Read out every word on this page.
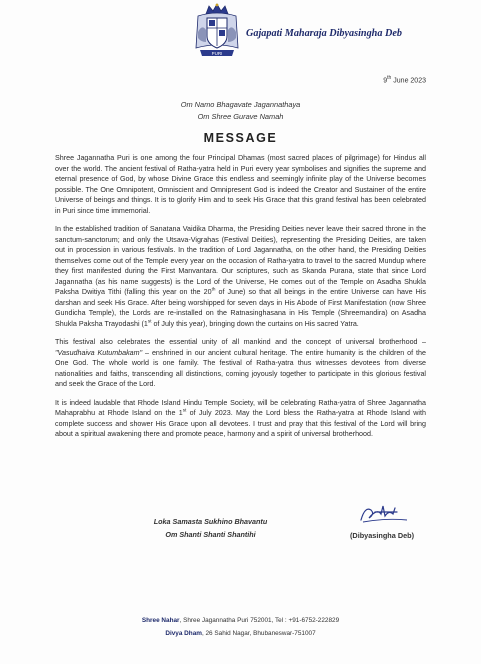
PURI
Gajapati Maharaja Dibyasingha Deb
9th June 2023
Om Namo Bhagavate Jagannathaya
Om Shree Gurave Namah
MESSAGE

Shree Jagannatha Puri is one among the four Principal Dhamas (most sacred places of pilgrimage) for Hindus all over the world. The ancient festival of Ratha-yatra held in Puri every year symbolises and signifies the supreme and eternal presence of God, by whose Divine Grace this endless and seemingly infinite play of the Universe becomes possible. The One Omnipotent, Omniscient and Omnipresent God is indeed the Creator and Sustainer of the entire Universe of beings and things. It is to glorify Him and to seek His Grace that this grand festival has been celebrated in Puri since time immemorial.

In the established tradition of Sanatana Vaidika Dharma, the Presiding Deities never leave their sacred throne in the sanctum-sanctorum; and only the Utsava-Vigrahas (Festival Deities), representing the Presiding Deities, are taken out in procession in various festivals. In the tradition of Lord Jagannatha, on the other hand, the Presiding Deities themselves come out of the Temple every year on the occasion of Ratha-yatra to travel to the sacred Mundup where they first manifested during the First Manvantara. Our scriptures, such as Skanda Purana, state that since Lord Jagannatha (as his name suggests) is the Lord of the Universe, He comes out of the Temple on Asadha Shukla Paksha Dwitiya Tithi (falling this year on the 20th of June) so that all beings in the entire Universe can have His darshan and seek His Grace. After being worshipped for seven days in His Abode of First Manifestation (now Shree Gundicha Temple), the Lords are re-installed on the Ratnasinghasana in His Temple (Shreemandira) on Asadha Shukla Paksha Trayodashi (1st of July this year), bringing down the curtains on His sacred Yatra.

This festival also celebrates the essential unity of all mankind and the concept of universal brotherhood – "Vasudhaiva Kutumbakam" – enshrined in our ancient cultural heritage. The entire humanity is the children of the One God. The whole world is one family. The festival of Ratha-yatra thus witnesses devotees from diverse nationalities and faiths, transcending all distinctions, coming joyously together to participate in this glorious festival and seek the Grace of the Lord.

It is indeed laudable that Rhode Island Hindu Temple Society, will be celebrating Ratha-yatra of Shree Jagannatha Mahaprabhu at Rhode Island on the 1st of July 2023. May the Lord bless the Ratha-yatra at Rhode Island with complete success and shower His Grace upon all devotees. I trust and pray that this festival of the Lord will bring about a spiritual awakening there and promote peace, harmony and a spirit of universal brotherhood.

Loka Samasta Sukhino Bhavantu
Om Shanti Shanti Shantihi	(Dibyasingha Deb)
Shree Nahar, Shree Jagannatha Puri 752001, Tel : +91-6752-222829
Divya Dham, 26 Sahid Nagar, Bhubaneswar-751007
